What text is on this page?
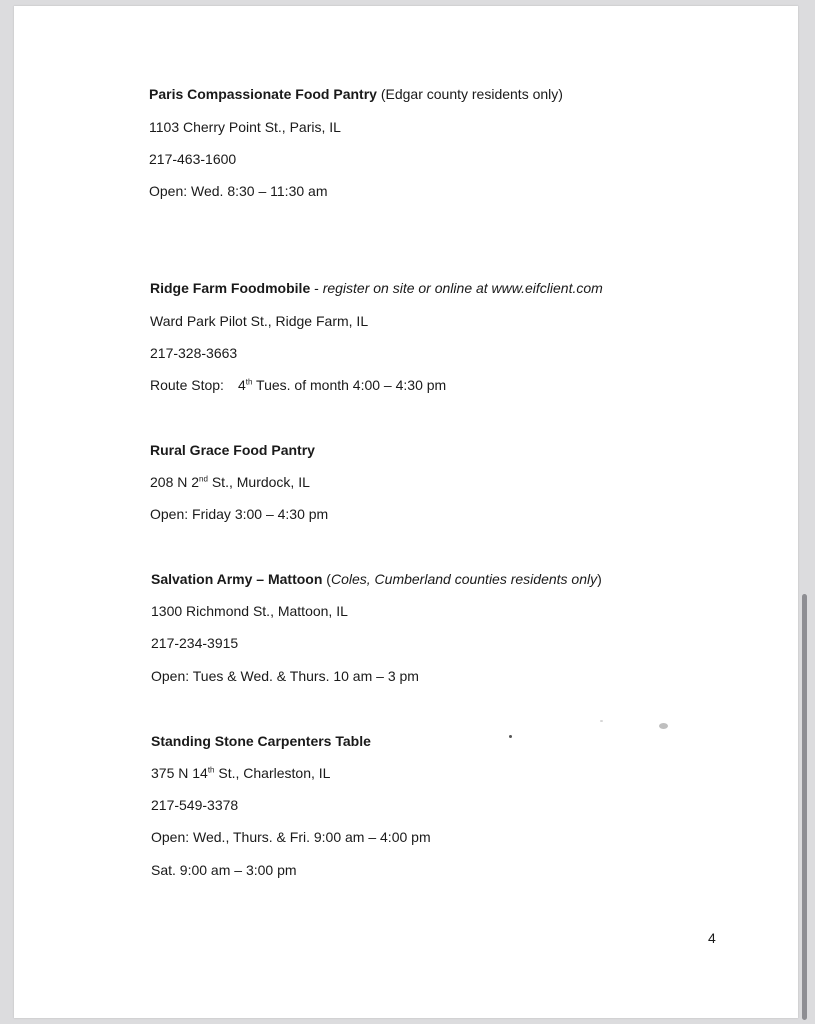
Paris Compassionate Food Pantry (Edgar county residents only)
1103 Cherry Point St., Paris, IL
217-463-1600
Open: Wed. 8:30 – 11:30 am
Ridge Farm Foodmobile - register on site or online at www.eifclient.com
Ward Park Pilot St., Ridge Farm, IL
217-328-3663
Route Stop: 4th Tues. of month 4:00 – 4:30 pm
Rural Grace Food Pantry
208 N 2nd St., Murdock, IL
Open: Friday 3:00 – 4:30 pm
Salvation Army – Mattoon (Coles, Cumberland counties residents only)
1300 Richmond St., Mattoon, IL
217-234-3915
Open: Tues & Wed. & Thurs. 10 am – 3 pm
Standing Stone Carpenters Table
375 N 14th St., Charleston, IL
217-549-3378
Open: Wed., Thurs. & Fri. 9:00 am – 4:00 pm
Sat. 9:00 am – 3:00 pm
4
